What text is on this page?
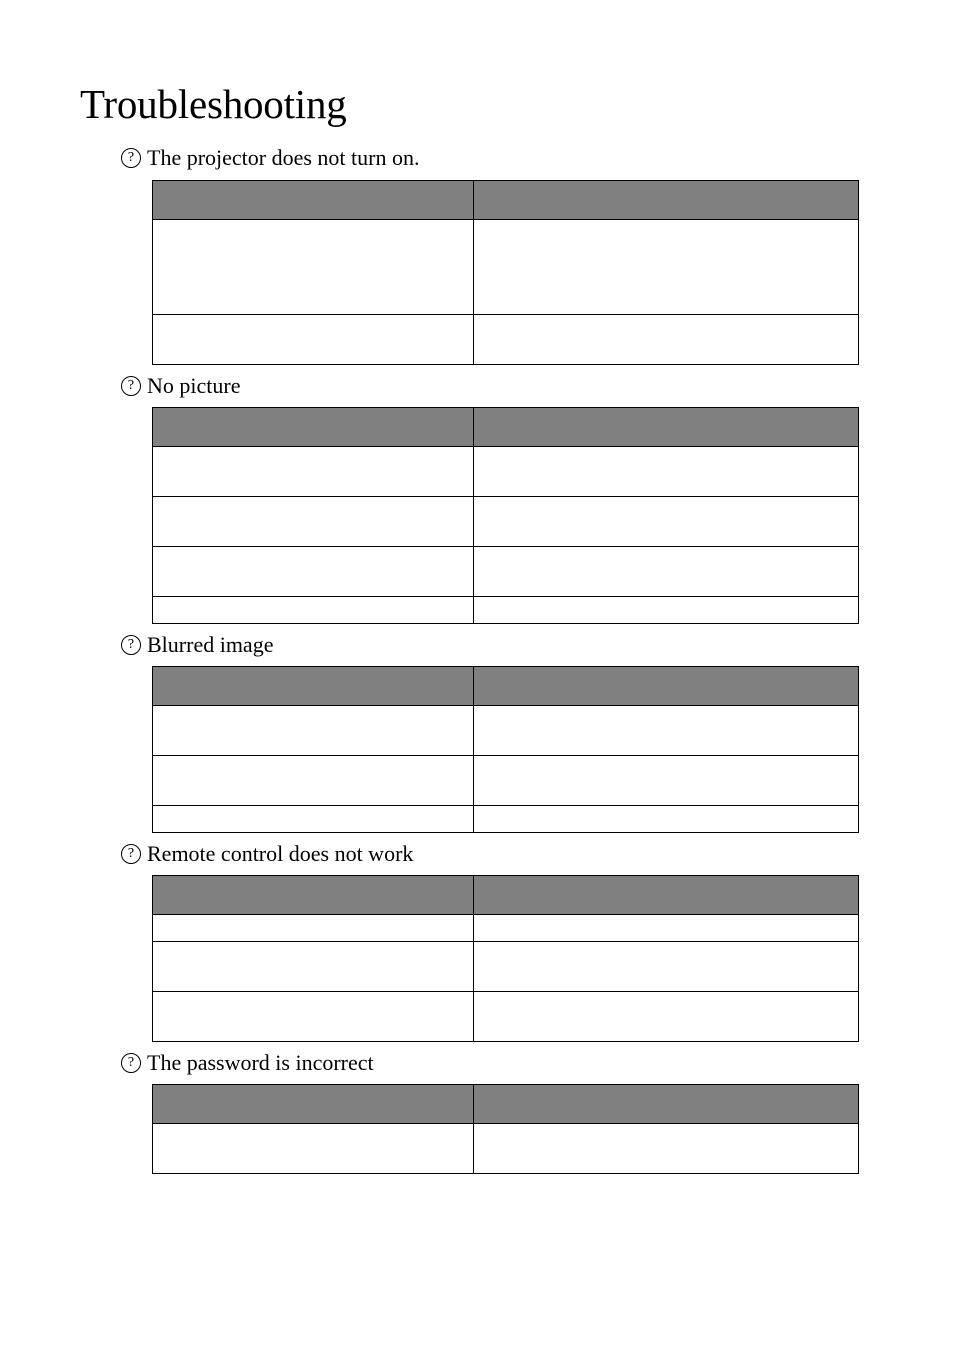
Troubleshooting
? The projector does not turn on.

? No picture

? Blurred image

? Remote control does not work

? The password is incorrect
